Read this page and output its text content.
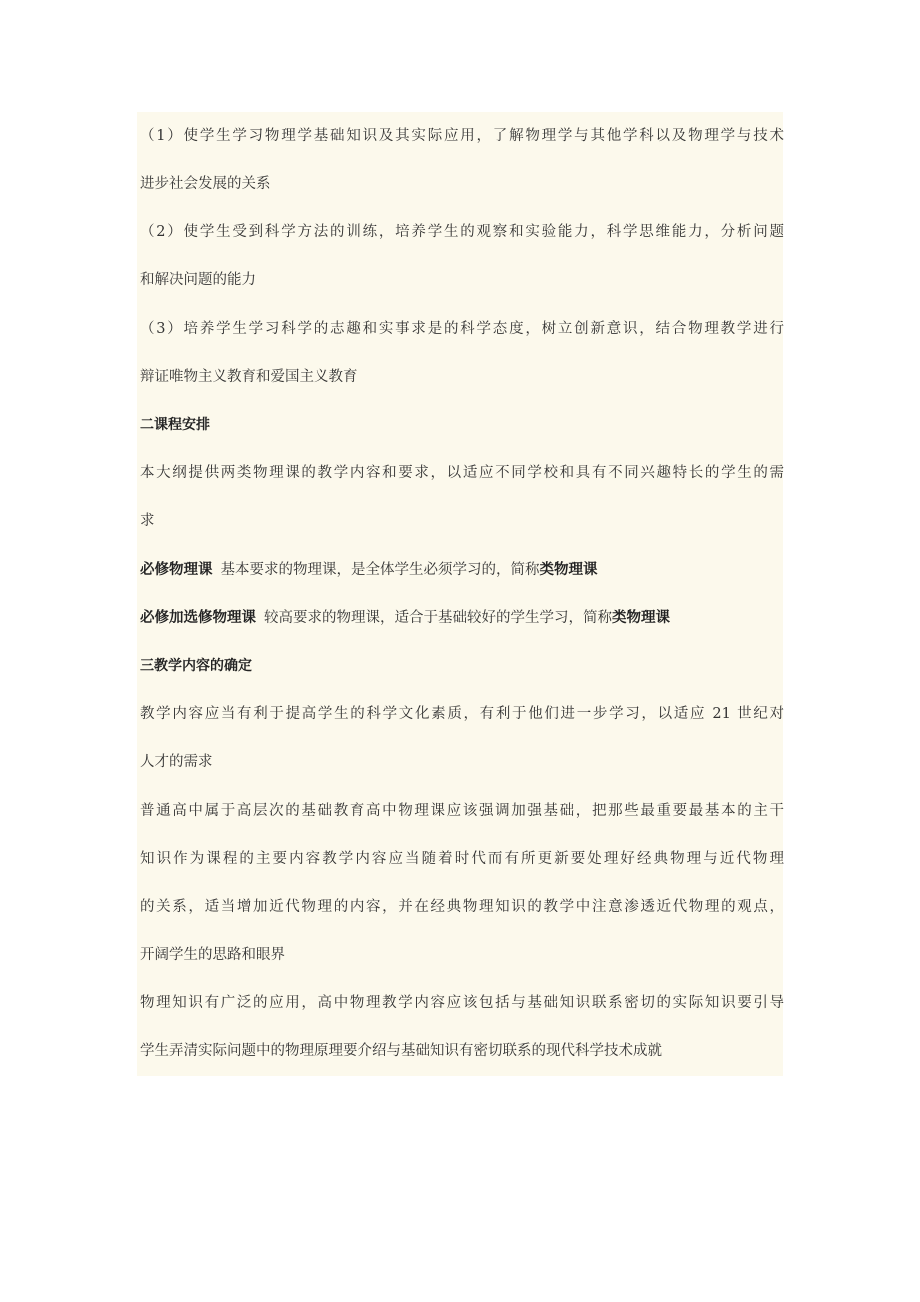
（1）使学生学习物理学基础知识及其实际应用，了解物理学与其他学科以及物理学与技术
进步社会发展的关系
（2）使学生受到科学方法的训练，培养学生的观察和实验能力，科学思维能力，分析问题
和解决问题的能力
（3）培养学生学习科学的志趣和实事求是的科学态度，树立创新意识，结合物理教学进行
辩证唯物主义教育和爱国主义教育
二课程安排
本大纲提供两类物理课的教学内容和要求，以适应不同学校和具有不同兴趣特长的学生的需
求
必修物理课 基本要求的物理课，是全体学生必须学习的，简称类物理课
必修加选修物理课 较高要求的物理课，适合于基础较好的学生学习，简称类物理课
三教学内容的确定
教学内容应当有利于提高学生的科学文化素质，有利于他们进一步学习，以适应 21 世纪对
人才的需求
普通高中属于高层次的基础教育高中物理课应该强调加强基础，把那些最重要最基本的主干
知识作为课程的主要内容教学内容应当随着时代而有所更新要处理好经典物理与近代物理
的关系，适当增加近代物理的内容，并在经典物理知识的教学中注意渗透近代物理的观点，
开阔学生的思路和眼界
物理知识有广泛的应用，高中物理教学内容应该包括与基础知识联系密切的实际知识要引导
学生弄清实际问题中的物理原理要介绍与基础知识有密切联系的现代科学技术成就
